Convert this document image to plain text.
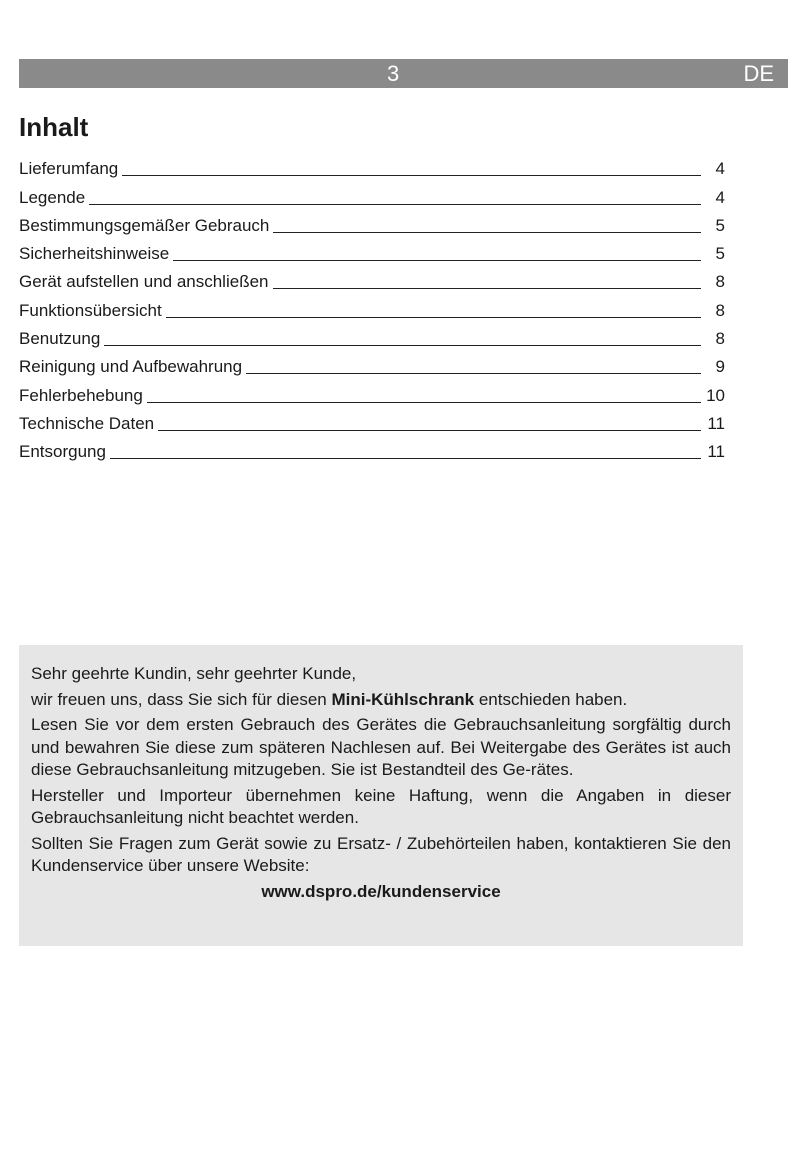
3	DE
Inhalt
Lieferumfang	4
Legende	4
Bestimmungsgemäßer Gebrauch	5
Sicherheitshinweise	5
Gerät aufstellen und anschließen	8
Funktionsübersicht	8
Benutzung	8
Reinigung und Aufbewahrung	9
Fehlerbehebung	10
Technische Daten	11
Entsorgung	11

Sehr geehrte Kundin, sehr geehrter Kunde,

wir freuen uns, dass Sie sich für diesen Mini-Kühlschrank entschieden haben.

Lesen Sie vor dem ersten Gebrauch des Gerätes die Gebrauchsanleitung sorgfältig durch und bewahren Sie diese zum späteren Nachlesen auf. Bei Weitergabe des Gerätes ist auch diese Gebrauchsanleitung mitzugeben. Sie ist Bestandteil des Ge-rätes.

Hersteller und Importeur übernehmen keine Haftung, wenn die Angaben in dieser Gebrauchsanleitung nicht beachtet werden.

Sollten Sie Fragen zum Gerät sowie zu Ersatz- / Zubehörteilen haben, kontaktieren Sie den Kundenservice über unsere Website:

www.dspro.de/kundenservice
